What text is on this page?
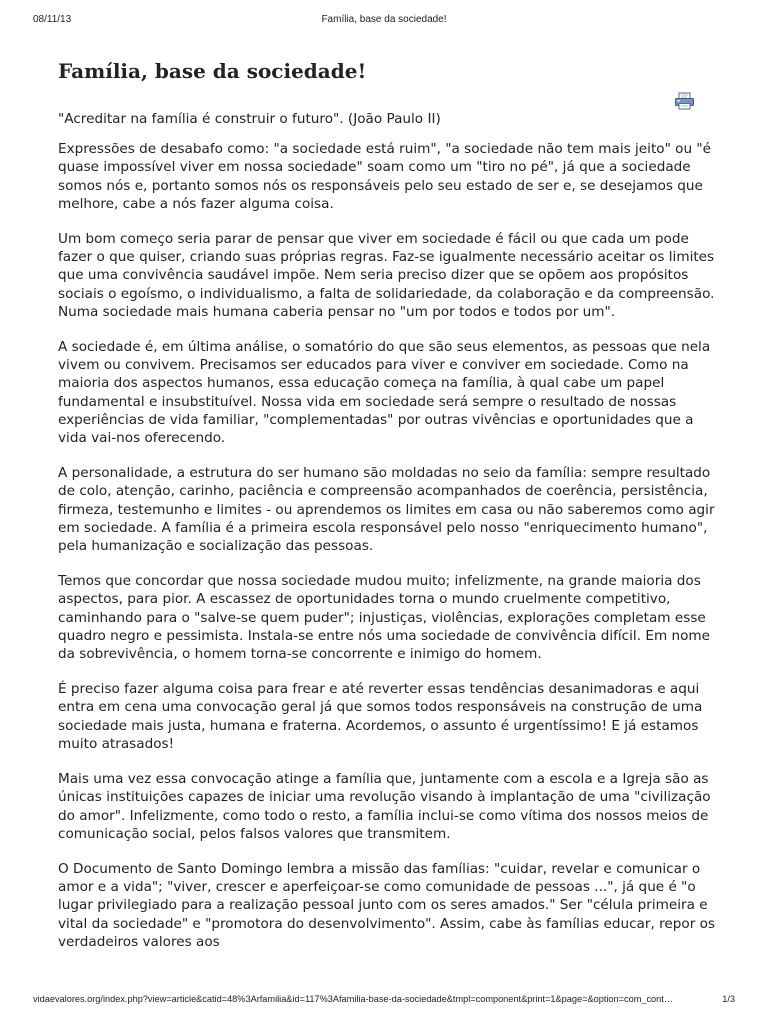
08/11/13	Família, base da sociedade!
Família, base da sociedade!

"Acreditar na família é construir o futuro". (João Paulo II)

Expressões de desabafo como: "a sociedade está ruim", "a sociedade não tem mais jeito" ou "é quase impossível viver em nossa sociedade" soam como um "tiro no pé", já que a sociedade somos nós e, portanto somos nós os responsáveis pelo seu estado de ser e, se desejamos que melhore, cabe a nós fazer alguma coisa.

Um bom começo seria parar de pensar que viver em sociedade é fácil ou que cada um pode fazer o que quiser, criando suas próprias regras. Faz-se igualmente necessário aceitar os limites que uma convivência saudável impõe. Nem seria preciso dizer que se opõem aos propósitos sociais o egoísmo, o individualismo, a falta de solidariedade, da colaboração e da compreensão. Numa sociedade mais humana caberia pensar no "um por todos e todos por um".

A sociedade é, em última análise, o somatório do que são seus elementos, as pessoas que nela vivem ou convivem. Precisamos ser educados para viver e conviver em sociedade. Como na maioria dos aspectos humanos, essa educação começa na família, à qual cabe um papel fundamental e insubstituível. Nossa vida em sociedade será sempre o resultado de nossas experiências de vida familiar, "complementadas" por outras vivências e oportunidades que a vida vai-nos oferecendo.

A personalidade, a estrutura do ser humano são moldadas no seio da família: sempre resultado de colo, atenção, carinho, paciência e compreensão acompanhados de coerência, persistência, firmeza, testemunho e limites - ou aprendemos os limites em casa ou não saberemos como agir em sociedade. A família é a primeira escola responsável pelo nosso "enriquecimento humano", pela humanização e socialização das pessoas.

Temos que concordar que nossa sociedade mudou muito; infelizmente, na grande maioria dos aspectos, para pior. A escassez de oportunidades torna o mundo cruelmente competitivo, caminhando para o "salve-se quem puder"; injustiças, violências, explorações completam esse quadro negro e pessimista. Instala-se entre nós uma sociedade de convivência difícil. Em nome da sobrevivência, o homem torna-se concorrente e inimigo do homem.

É preciso fazer alguma coisa para frear e até reverter essas tendências desanimadoras e aqui entra em cena uma convocação geral já que somos todos responsáveis na construção de uma sociedade mais justa, humana e fraterna. Acordemos, o assunto é urgentíssimo! E já estamos muito atrasados!

Mais uma vez essa convocação atinge a família que, juntamente com a escola e a Igreja são as únicas instituições capazes de iniciar uma revolução visando à implantação de uma "civilização do amor". Infelizmente, como todo o resto, a família inclui-se como vítima dos nossos meios de comunicação social, pelos falsos valores que transmitem.

O Documento de Santo Domingo lembra a missão das famílias: "cuidar, revelar e comunicar o amor e a vida"; "viver, crescer e aperfeiçoar-se como comunidade de pessoas ...", já que é "o lugar privilegiado para a realização pessoal junto com os seres amados." Ser "célula primeira e vital da sociedade" e "promotora do desenvolvimento". Assim, cabe às famílias educar, repor os verdadeiros valores aos

vidaevalores.org/index.php?view=article&catid=48%3Arfamilia&id=117%3Afamilia-base-da-sociedade&tmpl=component&print=1&page=&option=com_cont…	1/3
